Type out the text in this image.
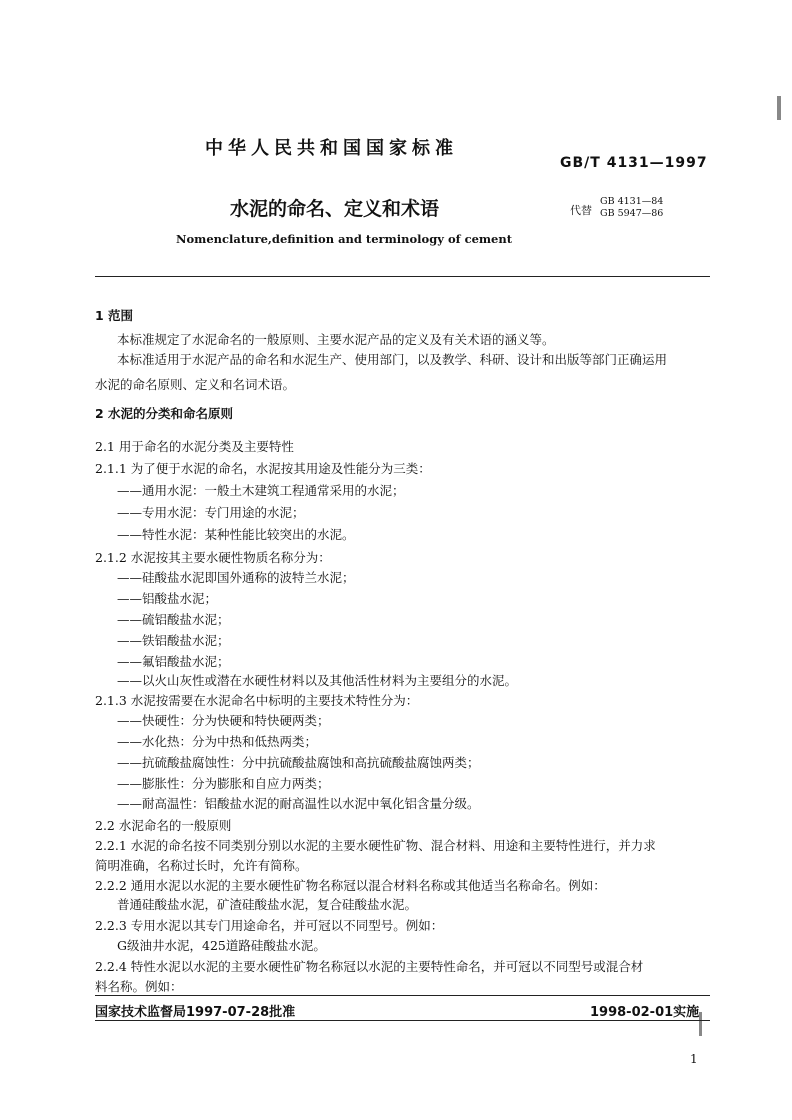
中华人民共和国国家标准
GB/T 4131—1997
水泥的命名、定义和术语	代替
GB 4131—84
GB 5947—86
Nomenclature,definition and terminology of cement
1 范围
本标准规定了水泥命名的一般原则、主要水泥产品的定义及有关术语的涵义等。
本标准适用于水泥产品的命名和水泥生产、使用部门，以及教学、科研、设计和出版等部门正确运用
水泥的命名原则、定义和名词术语。
2 水泥的分类和命名原则
2.1 用于命名的水泥分类及主要特性
2.1.1 为了便于水泥的命名，水泥按其用途及性能分为三类：
——通用水泥：一般土木建筑工程通常采用的水泥；
——专用水泥：专门用途的水泥；
——特性水泥：某种性能比较突出的水泥。
2.1.2 水泥按其主要水硬性物质名称分为：
——硅酸盐水泥即国外通称的波特兰水泥；
——铝酸盐水泥；
——硫铝酸盐水泥；
——铁铝酸盐水泥；
——氟铝酸盐水泥；
——以火山灰性或潜在水硬性材料以及其他活性材料为主要组分的水泥。
2.1.3 水泥按需要在水泥命名中标明的主要技术特性分为：
——快硬性：分为快硬和特快硬两类；
——水化热：分为中热和低热两类；
——抗硫酸盐腐蚀性：分中抗硫酸盐腐蚀和高抗硫酸盐腐蚀两类；
——膨胀性：分为膨胀和自应力两类；
——耐高温性：铝酸盐水泥的耐高温性以水泥中氧化铝含量分级。
2.2 水泥命名的一般原则
2.2.1 水泥的命名按不同类别分别以水泥的主要水硬性矿物、混合材料、用途和主要特性进行，并力求
简明准确，名称过长时，允许有简称。
2.2.2 通用水泥以水泥的主要水硬性矿物名称冠以混合材料名称或其他适当名称命名。例如：
普通硅酸盐水泥，矿渣硅酸盐水泥，复合硅酸盐水泥。
2.2.3 专用水泥以其专门用途命名，并可冠以不同型号。例如：
G级油井水泥，425道路硅酸盐水泥。
2.2.4 特性水泥以水泥的主要水硬性矿物名称冠以水泥的主要特性命名，并可冠以不同型号或混合材
料名称。例如：
国家技术监督局1997-07-28批准	1998-02-01实施
1
